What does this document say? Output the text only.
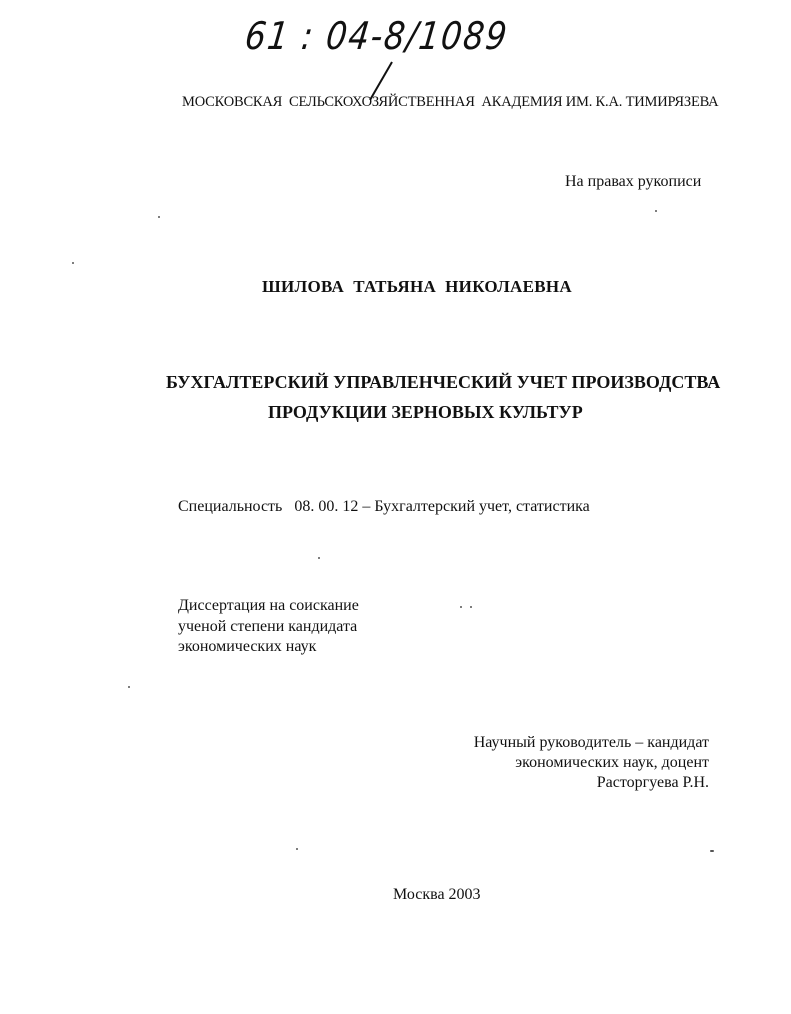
61 : 04-8/1089
МОСКОВСКАЯ  СЕЛЬСКОХОЗЯЙСТВЕННАЯ  АКАДЕМИЯ ИМ. К.А. ТИМИРЯЗЕВА
На правах рукописи
ШИЛОВА  ТАТЬЯНА  НИКОЛАЕВНА
БУХГАЛТЕРСКИЙ УПРАВЛЕНЧЕСКИЙ УЧЕТ ПРОИЗВОДСТВА
ПРОДУКЦИИ ЗЕРНОВЫХ КУЛЬТУР
Специальность   08. 00. 12 – Бухгалтерский учет, статистика
Диссертация на соискание
ученой степени кандидата
экономических наук
Научный руководитель – кандидат
экономических наук, доцент
Расторгуева Р.Н.
Москва 2003
